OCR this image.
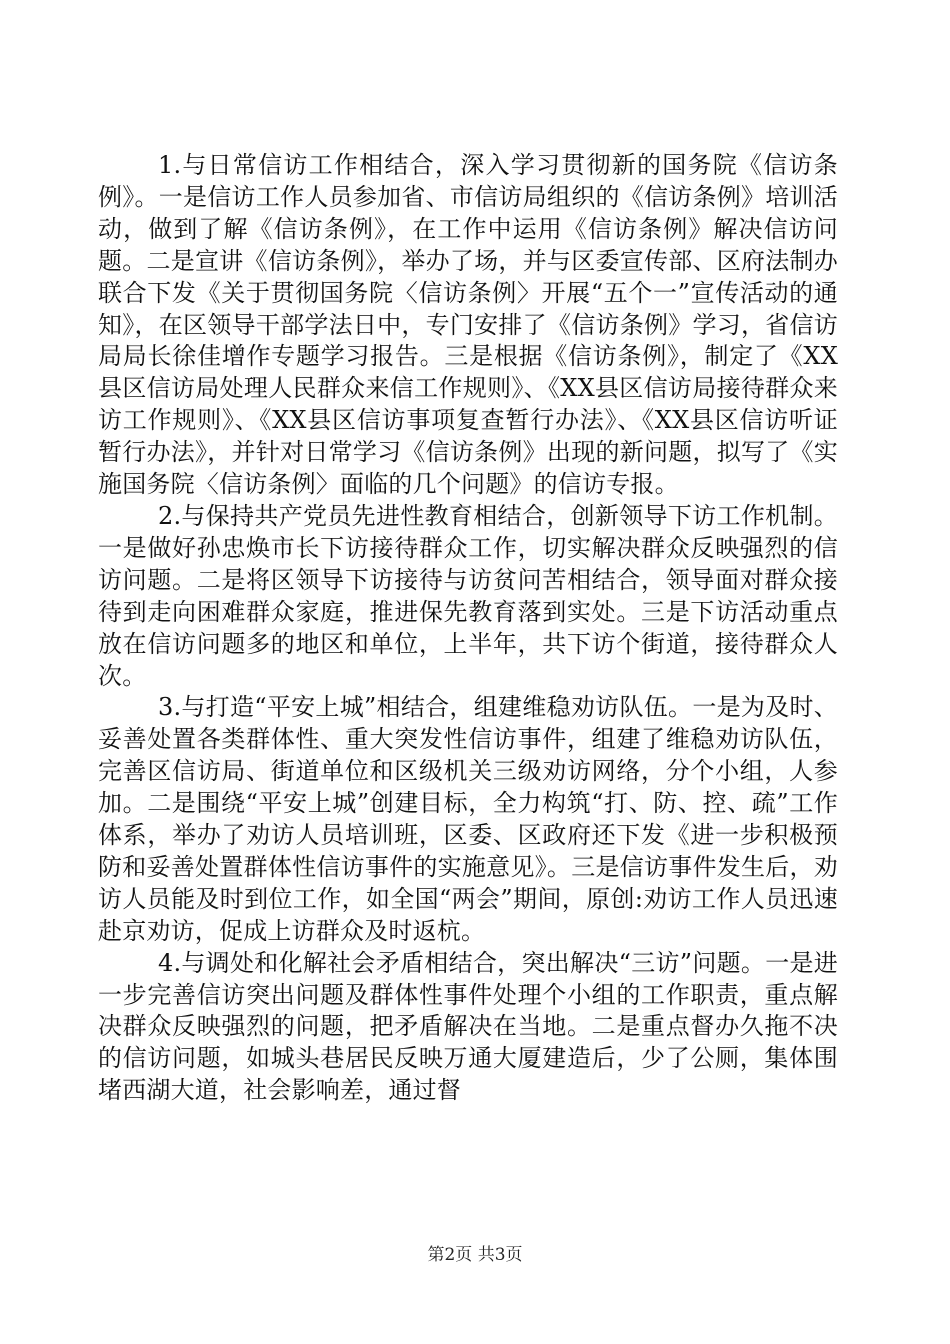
1.与日常信访工作相结合，深入学习贯彻新的国务院《信访条例》。一是信访工作人员参加省、市信访局组织的《信访条例》培训活动，做到了解《信访条例》，在工作中运用《信访条例》解决信访问题。二是宣讲《信访条例》，举办了场，并与区委宣传部、区府法制办联合下发《关于贯彻国务院〈信访条例〉开展“五个一”宣传活动的通知》，在区领导干部学法日中，专门安排了《信访条例》学习，省信访局局长徐佳增作专题学习报告。三是根据《信访条例》，制定了《XX县区信访局处理人民群众来信工作规则》、《XX县区信访局接待群众来访工作规则》、《XX县区信访事项复查暂行办法》、《XX县区信访听证暂行办法》，并针对日常学习《信访条例》出现的新问题，拟写了《实施国务院〈信访条例〉面临的几个问题》的信访专报。

2.与保持共产党员先进性教育相结合，创新领导下访工作机制。一是做好孙忠焕市长下访接待群众工作，切实解决群众反映强烈的信访问题。二是将区领导下访接待与访贫问苦相结合，领导面对群众接待到走向困难群众家庭，推进保先教育落到实处。三是下访活动重点放在信访问题多的地区和单位，上半年，共下访个街道，接待群众人次。

3.与打造“平安上城”相结合，组建维稳劝访队伍。一是为及时、妥善处置各类群体性、重大突发性信访事件，组建了维稳劝访队伍，完善区信访局、街道单位和区级机关三级劝访网络，分个小组，人参加。二是围绕“平安上城”创建目标，全力构筑“打、防、控、疏”工作体系，举办了劝访人员培训班，区委、区政府还下发《进一步积极预防和妥善处置群体性信访事件的实施意见》。三是信访事件发生后，劝访人员能及时到位工作，如全国“两会”期间，原创:劝访工作人员迅速赴京劝访，促成上访群众及时返杭。

4.与调处和化解社会矛盾相结合，突出解决“三访”问题。一是进一步完善信访突出问题及群体性事件处理个小组的工作职责，重点解决群众反映强烈的问题，把矛盾解决在当地。二是重点督办久拖不决的信访问题，如城头巷居民反映万通大厦建造后，少了公厕，集体围堵西湖大道，社会影响差，通过督

第2页 共3页
